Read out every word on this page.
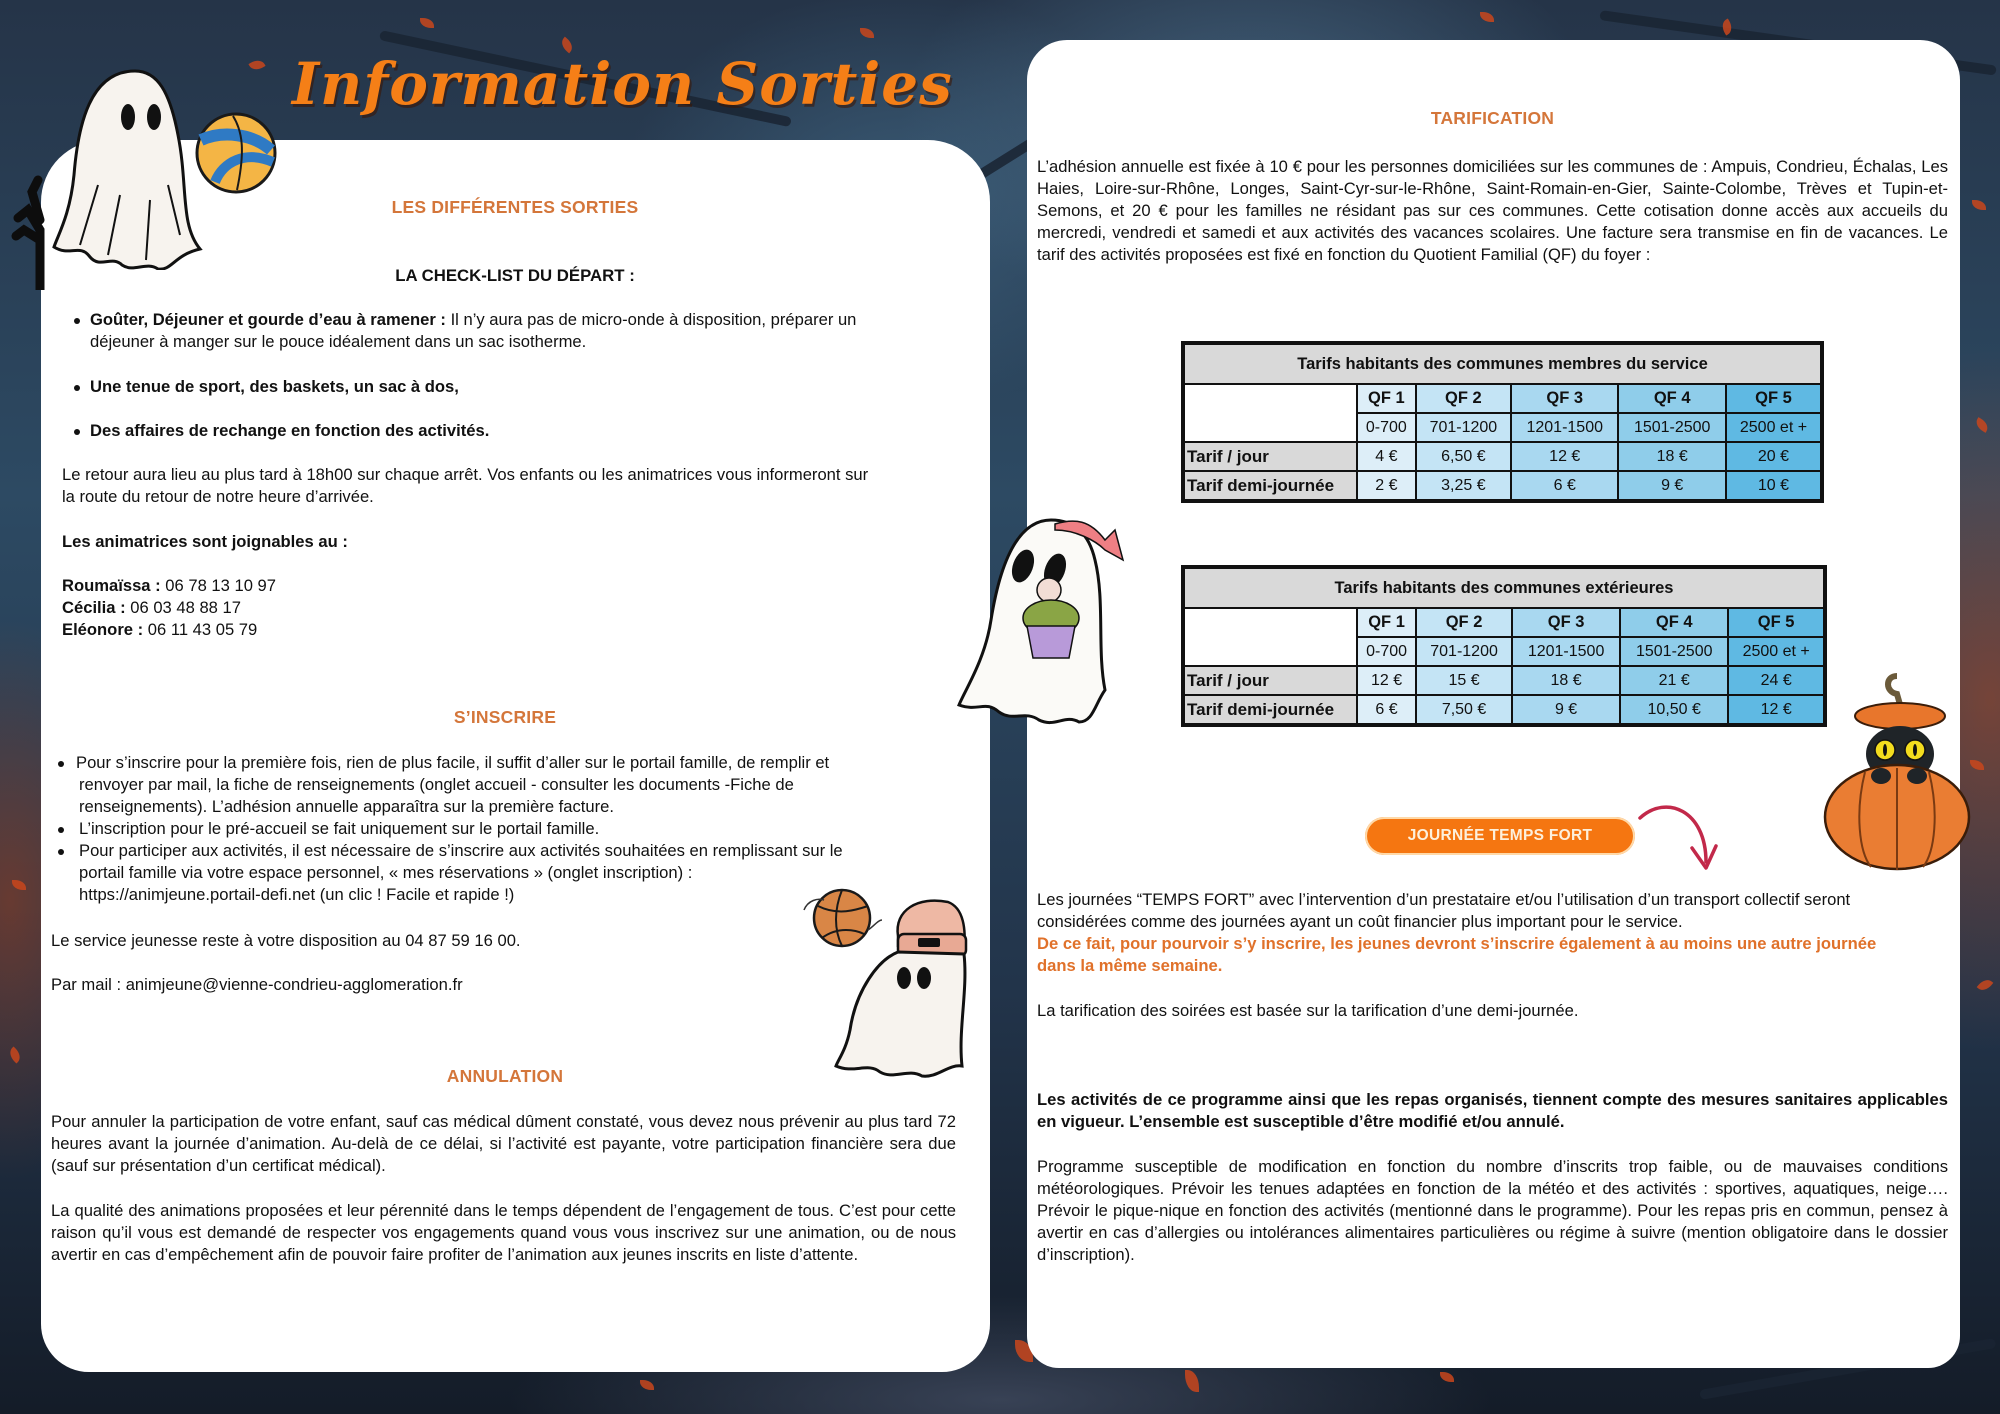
Information Sorties
LES DIFFÉRENTES SORTIES
LA CHECK-LIST DU DÉPART :
Goûter, Déjeuner et gourde d’eau à ramener : Il n’y aura pas de micro-onde à disposition, préparer un
déjeuner à manger sur le pouce idéalement dans un sac isotherme.
Une tenue de sport, des baskets, un sac à dos,
Des affaires de rechange en fonction des activités.
Le retour aura lieu au plus tard à 18h00 sur chaque arrêt. Vos enfants ou les animatrices vous informeront sur
la route du retour de notre heure d’arrivée.
Les animatrices sont joignables au :
Roumaïssa : 06 78 13 10 97
Cécilia : 06 03 48 88 17
Eléonore : 06 11 43 05 79
S’INSCRIRE
Pour s’inscrire pour la première fois, rien de plus facile, il suffit d’aller sur le portail famille, de remplir et
renvoyer par mail, la fiche de renseignements (onglet accueil - consulter les documents -Fiche de
renseignements). L’adhésion annuelle apparaîtra sur la première facture.
L’inscription pour le pré-accueil se fait uniquement sur le portail famille.
Pour participer aux activités, il est nécessaire de s’inscrire aux activités souhaitées en remplissant sur le
portail famille via votre espace personnel, « mes réservations » (onglet inscription) :
https://animjeune.portail-defi.net (un clic ! Facile et rapide !)
Le service jeunesse reste à votre disposition au 04 87 59 16 00.
Par mail : animjeune@vienne-condrieu-agglomeration.fr
ANNULATION
Pour annuler la participation de votre enfant, sauf cas médical dûment constaté, vous devez nous prévenir au plus tard 72 heures avant la journée d’animation. Au-delà de ce délai, si l’activité est payante, votre participation financière sera due (sauf sur présentation d’un certificat médical).
La qualité des animations proposées et leur pérennité dans le temps dépendent de l’engagement de tous. C’est pour cette raison qu’il vous est demandé de respecter vos engagements quand vous vous inscrivez sur une animation, ou de nous avertir en cas d’empêchement afin de pouvoir faire profiter de l’animation aux jeunes inscrits en liste d’attente.
TARIFICATION
L’adhésion annuelle est fixée à 10 € pour les personnes domiciliées sur les communes de : Ampuis, Condrieu, Échalas, Les Haies, Loire-sur-Rhône, Longes, Saint-Cyr-sur-le-Rhône, Saint-Romain-en-Gier, Sainte-Colombe, Trèves et Tupin-et-Semons, et 20 € pour les familles ne résidant pas sur ces communes. Cette cotisation donne accès aux accueils du mercredi, vendredi et samedi et aux activités des vacances scolaires. Une facture sera transmise en fin de vacances. Le tarif des activités proposées est fixé en fonction du Quotient Familial (QF) du foyer :
Tarifs habitants des communes membres du service					
	QF 1	QF 2	QF 3	QF 4	QF 5
	0-700	701-1200	1201-1500	1501-2500	2500 et +
Tarif / jour	4 €	6,50 €	12 €	18 €	20 €
Tarif demi-journée	2 €	3,25 €	6 €	9 €	10 €
Tarifs habitants des communes extérieures					
	QF 1	QF 2	QF 3	QF 4	QF 5
	0-700	701-1200	1201-1500	1501-2500	2500 et +
Tarif / jour	12 €	15 €	18 €	21 €	24 €
Tarif demi-journée	6 €	7,50 €	9 €	10,50 €	12 €
JOURNÉE TEMPS FORT
Les journées “TEMPS FORT” avec l’intervention d’un prestataire et/ou l’utilisation d’un transport collectif seront
considérées comme des journées ayant un coût financier plus important pour le service.
De ce fait, pour pourvoir s’y inscrire, les jeunes devront s’inscrire également à au moins une autre journée
dans la même semaine.
La tarification des soirées est basée sur la tarification d’une demi-journée.
Les activités de ce programme ainsi que les repas organisés, tiennent compte des mesures sanitaires applicables en vigueur. L’ensemble est susceptible d’être modifié et/ou annulé.
Programme susceptible de modification en fonction du nombre d’inscrits trop faible, ou de mauvaises conditions météorologiques. Prévoir les tenues adaptées en fonction de la météo et des activités : sportives, aquatiques, neige…. Prévoir le pique-nique en fonction des activités (mentionné dans le programme). Pour les repas pris en commun, pensez à avertir en cas d’allergies ou intolérances alimentaires particulières ou régime à suivre (mention obligatoire dans le dossier d’inscription).
